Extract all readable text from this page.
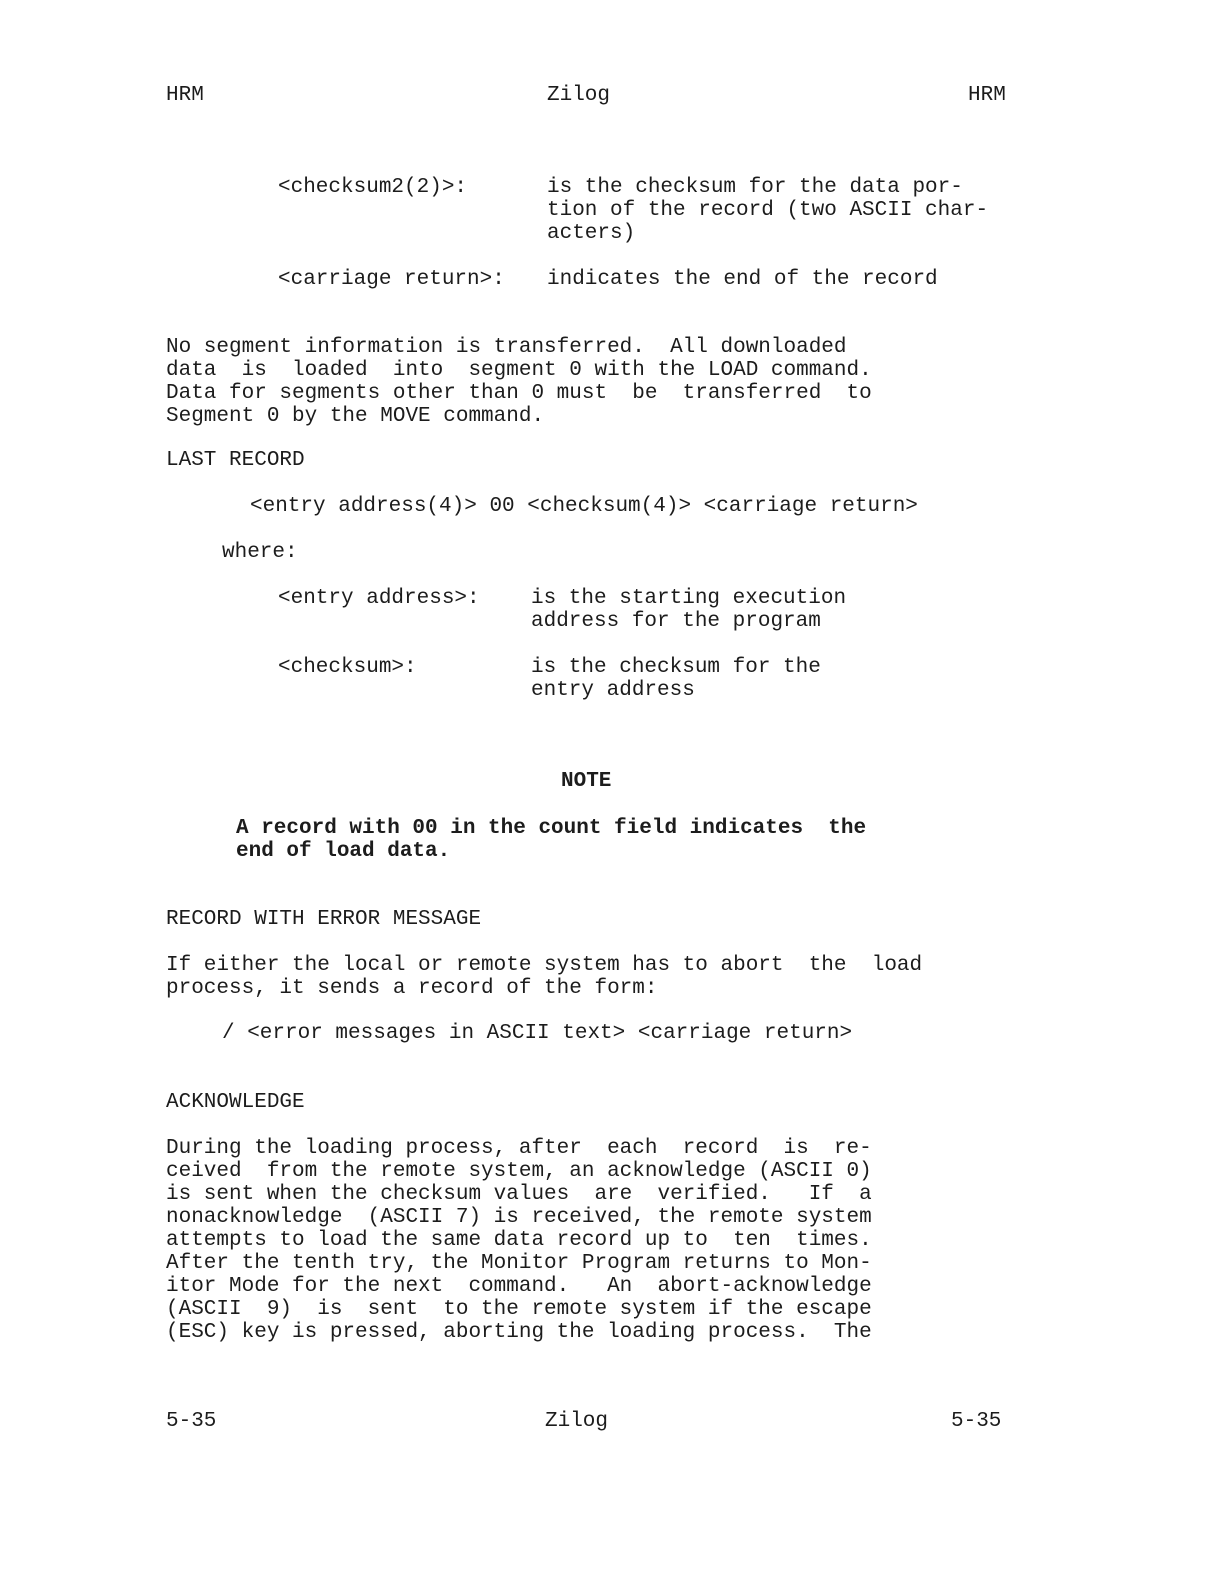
HRM	Zilog	HRM
<checksum2(2)>:	is the checksum for the data por-
tion of the record (two ASCII char-
acters)
<carriage return>: indicates the end of the record
No segment information is transferred.  All downloaded
data  is  loaded  into  segment 0 with the LOAD command.
Data for segments other than 0 must  be  transferred  to
Segment 0 by the MOVE command.
LAST RECORD
<entry address(4)> 00 <checksum(4)> <carriage return>
where:
<entry address>: is the starting execution
address for the program
<checksum>:	is the checksum for the
entry address
NOTE
A record with 00 in the count field indicates  the
end of load data.
RECORD WITH ERROR MESSAGE
If either the local or remote system has to abort  the  load
process, it sends a record of the form:
/ <error messages in ASCII text> <carriage return>
ACKNOWLEDGE
During the loading process, after  each  record  is  re-
ceived  from the remote system, an acknowledge (ASCII 0)
is sent when the checksum values  are  verified.   If  a
nonacknowledge  (ASCII 7) is received, the remote system
attempts to load the same data record up to  ten  times.
After the tenth try, the Monitor Program returns to Mon-
itor Mode for the next  command.   An  abort-acknowledge
(ASCII  9)  is  sent  to the remote system if the escape
(ESC) key is pressed, aborting the loading process.  The
5-35	Zilog	5-35
